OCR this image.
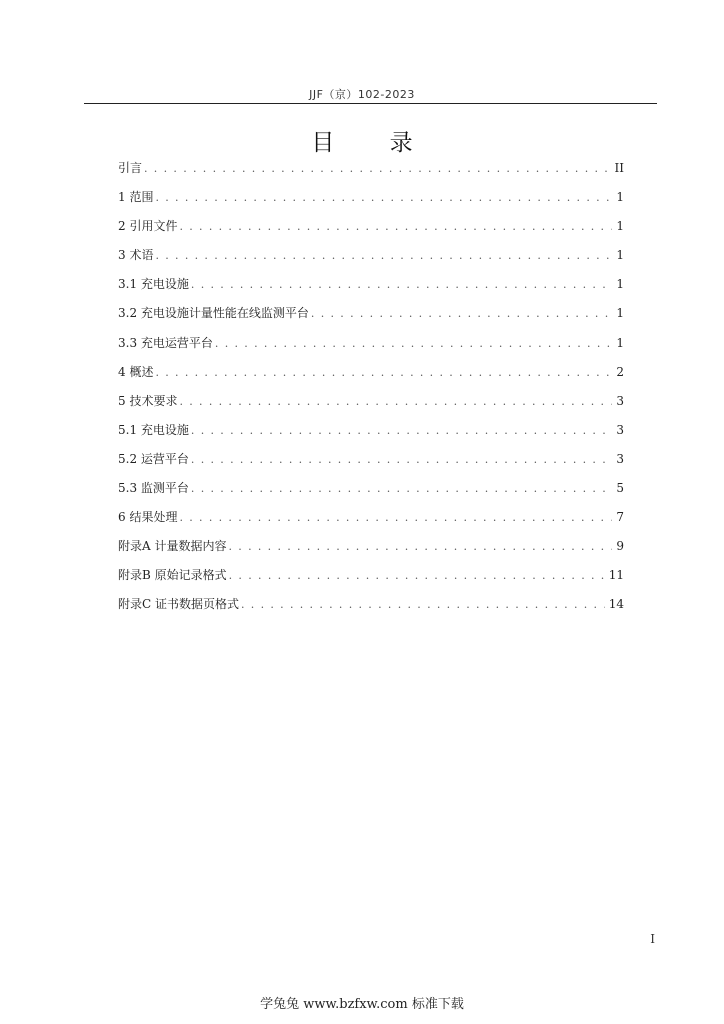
JJF（京）102-2023
目 录
引言 . . .	II
1 范围 . . .	1
2 引用文件 . . .	1
3 术语 . . .	1
3.1 充电设施 . . .	1
3.2 充电设施计量性能在线监测平台 . . .	1
3.3 充电运营平台 . . .	1
4 概述 . . .	2
5 技术要求 . . .	3
5.1 充电设施 . . .	3
5.2 运营平台 . . .	3
5.3 监测平台 . . .	5
6 结果处理 . . .	7
附录A 计量数据内容 . . .	9
附录B 原始记录格式 . . .	11
附录C 证书数据页格式 . . .	14
I
学兔兔 www.bzfxw.com 标准下载
